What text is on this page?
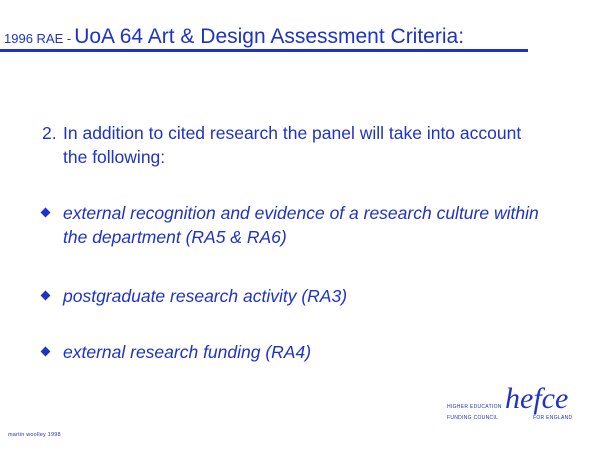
1996 RAE - UoA 64 Art & Design Assessment Criteria:
2. In addition to cited research the panel will take into account the following:
external recognition and evidence of a research culture within the department (RA5 & RA6)
postgraduate research activity (RA3)
external research funding (RA4)
martin woolley 1998
HIGHER EDUCATION hefce
FUNDING COUNCIL	FOR ENGLAND
